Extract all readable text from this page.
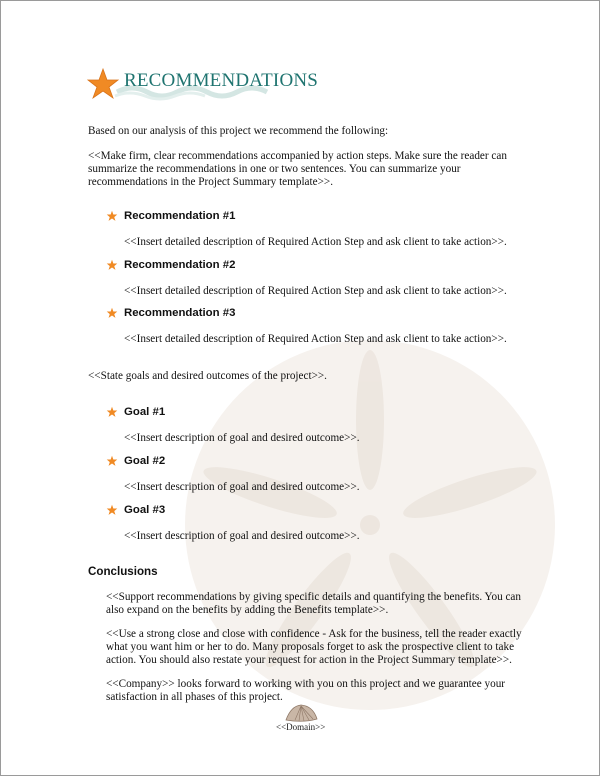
RECOMMENDATIONS

Based on our analysis of this project we recommend the following:

<<Make firm, clear recommendations accompanied by action steps. Make sure the reader can

summarize the recommendations in one or two sentences. You can summarize your

recommendations in the Project Summary template>>.

Recommendation #1

<<Insert detailed description of Required Action Step and ask client to take action>>.

Recommendation #2

<<Insert detailed description of Required Action Step and ask client to take action>>.

Recommendation #3

<<Insert detailed description of Required Action Step and ask client to take action>>.

<<State goals and desired outcomes of the project>>.

Goal #1

<<Insert description of goal and desired outcome>>.

Goal #2

<<Insert description of goal and desired outcome>>.

Goal #3

<<Insert description of goal and desired outcome>>.

Conclusions

<<Support recommendations by giving specific details and quantifying the benefits. You can

also expand on the benefits by adding the Benefits template>>.

<<Use a strong close and close with confidence - Ask for the business, tell the reader exactly

what you want him or her to do. Many proposals forget to ask the prospective client to take

action. You should also restate your request for action in the Project Summary template>>.

<<Company>> looks forward to working with you on this project and we guarantee your

satisfaction in all phases of this project.

<<Domain>>
